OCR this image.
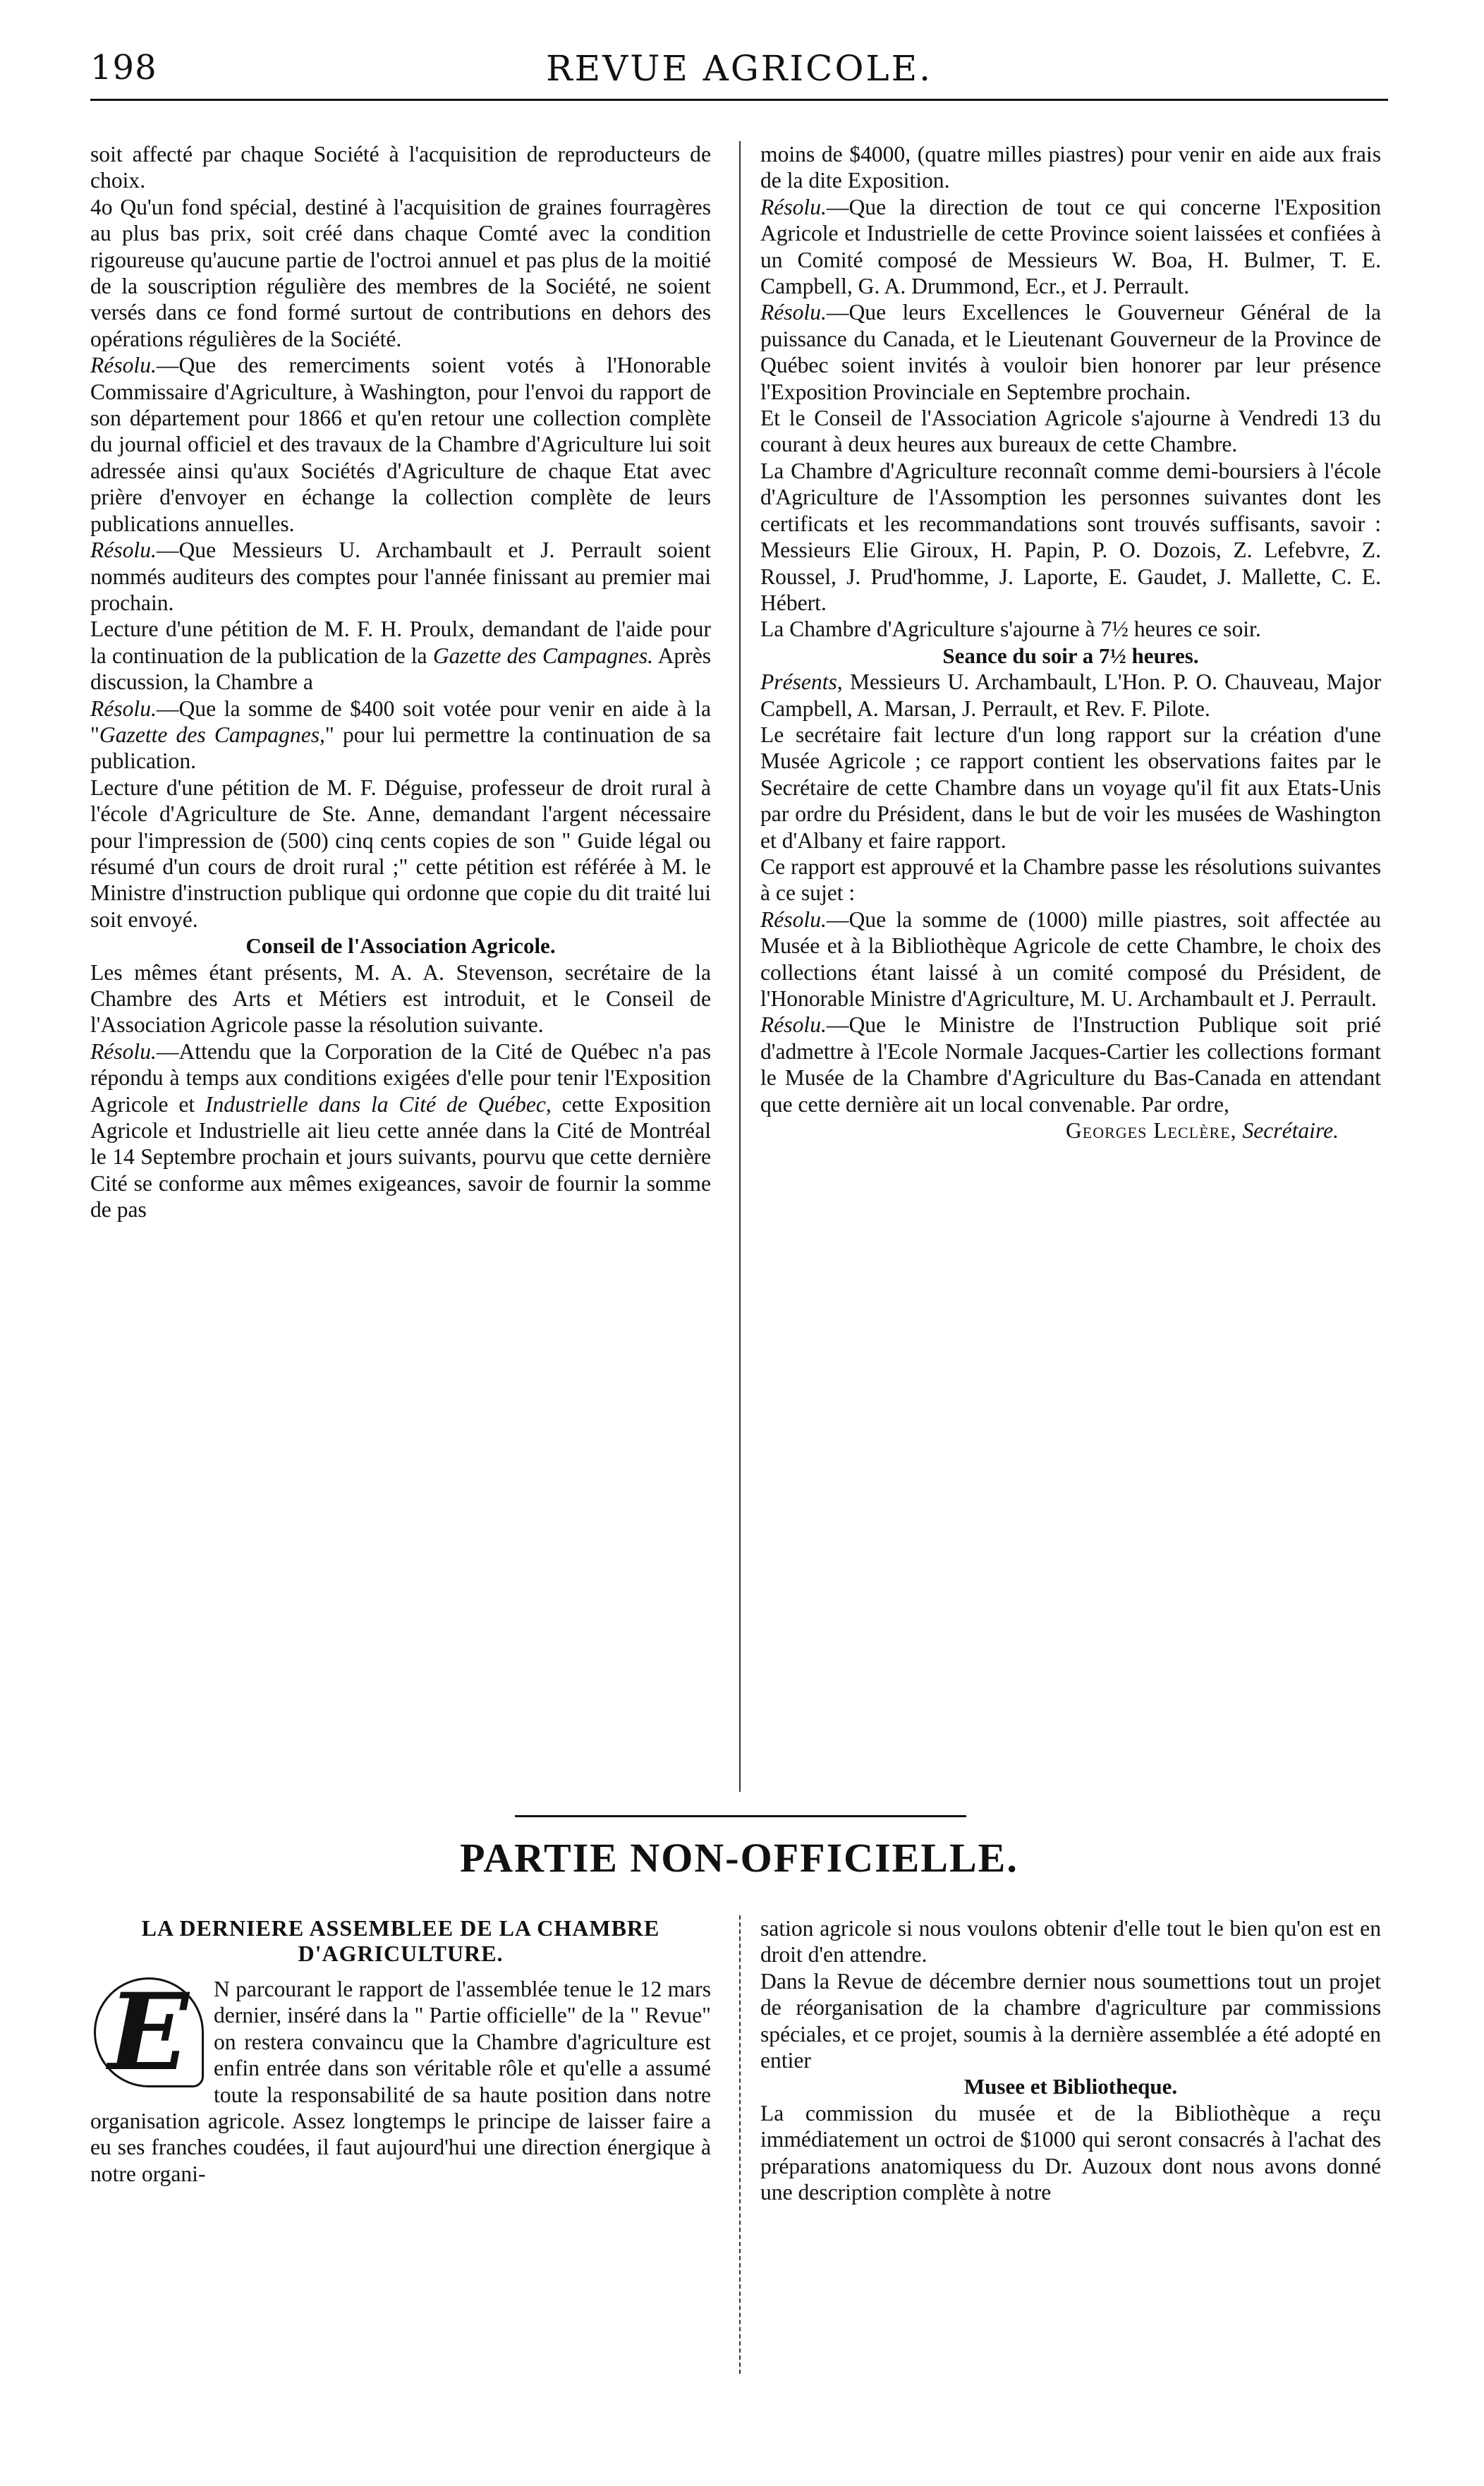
198	REVUE AGRICOLE.

soit affecté par chaque Société à l'acquisition de reproducteurs de choix.

4o Qu'un fond spécial, destiné à l'acquisition de graines fourragères au plus bas prix, soit créé dans chaque Comté avec la condition rigoureuse qu'aucune partie de l'octroi annuel et pas plus de la moitié de la souscription régulière des membres de la Société, ne soient versés dans ce fond formé surtout de contributions en dehors des opérations régulières de la Société.

Résolu.—Que des remerciments soient votés à l'Honorable Commissaire d'Agriculture, à Washington, pour l'envoi du rapport de son département pour 1866 et qu'en retour une collection complète du journal officiel et des travaux de la Chambre d'Agriculture lui soit adressée ainsi qu'aux Sociétés d'Agriculture de chaque Etat avec prière d'envoyer en échange la collection complète de leurs publications annuelles.

Résolu.—Que Messieurs U. Archambault et J. Perrault soient nommés auditeurs des comptes pour l'année finissant au premier mai prochain.

Lecture d'une pétition de M. F. H. Proulx, demandant de l'aide pour la continuation de la publication de la Gazette des Campagnes. Après discussion, la Chambre a

Résolu.—Que la somme de $400 soit votée pour venir en aide à la "Gazette des Campagnes," pour lui permettre la continuation de sa publication.

Lecture d'une pétition de M. F. Déguise, professeur de droit rural à l'école d'Agriculture de Ste. Anne, demandant l'argent nécessaire pour l'impression de (500) cinq cents copies de son " Guide légal ou résumé d'un cours de droit rural ;" cette pétition est référée à M. le Ministre d'instruction publique qui ordonne que copie du dit traité lui soit envoyé.

Conseil de l'Association Agricole.

Les mêmes étant présents, M. A. A. Stevenson, secrétaire de la Chambre des Arts et Métiers est introduit, et le Conseil de l'Association Agricole passe la résolution suivante.

Résolu.—Attendu que la Corporation de la Cité de Québec n'a pas répondu à temps aux conditions exigées d'elle pour tenir l'Exposition Agricole et Industrielle dans la Cité de Québec, cette Exposition Agricole et Industrielle ait lieu cette année dans la Cité de Montréal le 14 Septembre prochain et jours suivants, pourvu que cette dernière Cité se conforme aux mêmes exigeances, savoir de fournir la somme de pas

moins de $4000, (quatre milles piastres) pour venir en aide aux frais de la dite Exposition.

Résolu.—Que la direction de tout ce qui concerne l'Exposition Agricole et Industrielle de cette Province soient laissées et confiées à un Comité composé de Messieurs W. Boa, H. Bulmer, T. E. Campbell, G. A. Drummond, Ecr., et J. Perrault.

Résolu.—Que leurs Excellences le Gouverneur Général de la puissance du Canada, et le Lieutenant Gouverneur de la Province de Québec soient invités à vouloir bien honorer par leur présence l'Exposition Provinciale en Septembre prochain.

Et le Conseil de l'Association Agricole s'ajourne à Vendredi 13 du courant à deux heures aux bureaux de cette Chambre.

La Chambre d'Agriculture reconnaît comme demi-boursiers à l'école d'Agriculture de l'Assomption les personnes suivantes dont les certificats et les recommandations sont trouvés suffisants, savoir : Messieurs Elie Giroux, H. Papin, P. O. Dozois, Z. Lefebvre, Z. Roussel, J. Prud'homme, J. Laporte, E. Gaudet, J. Mallette, C. E. Hébert.

La Chambre d'Agriculture s'ajourne à 7½ heures ce soir.

Seance du soir a 7½ heures.

Présents, Messieurs U. Archambault, L'Hon. P. O. Chauveau, Major Campbell, A. Marsan, J. Perrault, et Rev. F. Pilote.

Le secrétaire fait lecture d'un long rapport sur la création d'une Musée Agricole ; ce rapport contient les observations faites par le Secrétaire de cette Chambre dans un voyage qu'il fit aux Etats-Unis par ordre du Président, dans le but de voir les musées de Washington et d'Albany et faire rapport.

Ce rapport est approuvé et la Chambre passe les résolutions suivantes à ce sujet :

Résolu.—Que la somme de (1000) mille piastres, soit affectée au Musée et à la Bibliothèque Agricole de cette Chambre, le choix des collections étant laissé à un comité composé du Président, de l'Honorable Ministre d'Agriculture, M. U. Archambault et J. Perrault.

Résolu.—Que le Ministre de l'Instruction Publique soit prié d'admettre à l'Ecole Normale Jacques-Cartier les collections formant le Musée de la Chambre d'Agriculture du Bas-Canada en attendant que cette dernière ait un local convenable. Par ordre,

Georges Leclère, Secrétaire.

PARTIE NON-OFFICIELLE.
LA DERNIERE ASSEMBLEE DE LA CHAMBRE
D'AGRICULTURE.

E	N parcourant le rapport de l'assemblée tenue le 12 mars dernier, inséré dans la " Partie officielle" de la " Revue" on restera convaincu que la Chambre d'agriculture est enfin entrée dans son véritable rôle et qu'elle a assumé toute la responsabilité de sa haute position dans notre organisation agricole. Assez longtemps le principe de laisser faire a eu ses franches coudées, il faut aujourd'hui une direction énergique à notre organi-

sation agricole si nous voulons obtenir d'elle tout le bien qu'on est en droit d'en attendre.

Dans la Revue de décembre dernier nous soumettions tout un projet de réorganisation de la chambre d'agriculture par commissions spéciales, et ce projet, soumis à la dernière assemblée a été adopté en entier

Musee et Bibliotheque.

La commission du musée et de la Bibliothèque a reçu immédiatement un octroi de $1000 qui seront consacrés à l'achat des préparations anatomiquess du Dr. Auzoux dont nous avons donné une description complète à notre
